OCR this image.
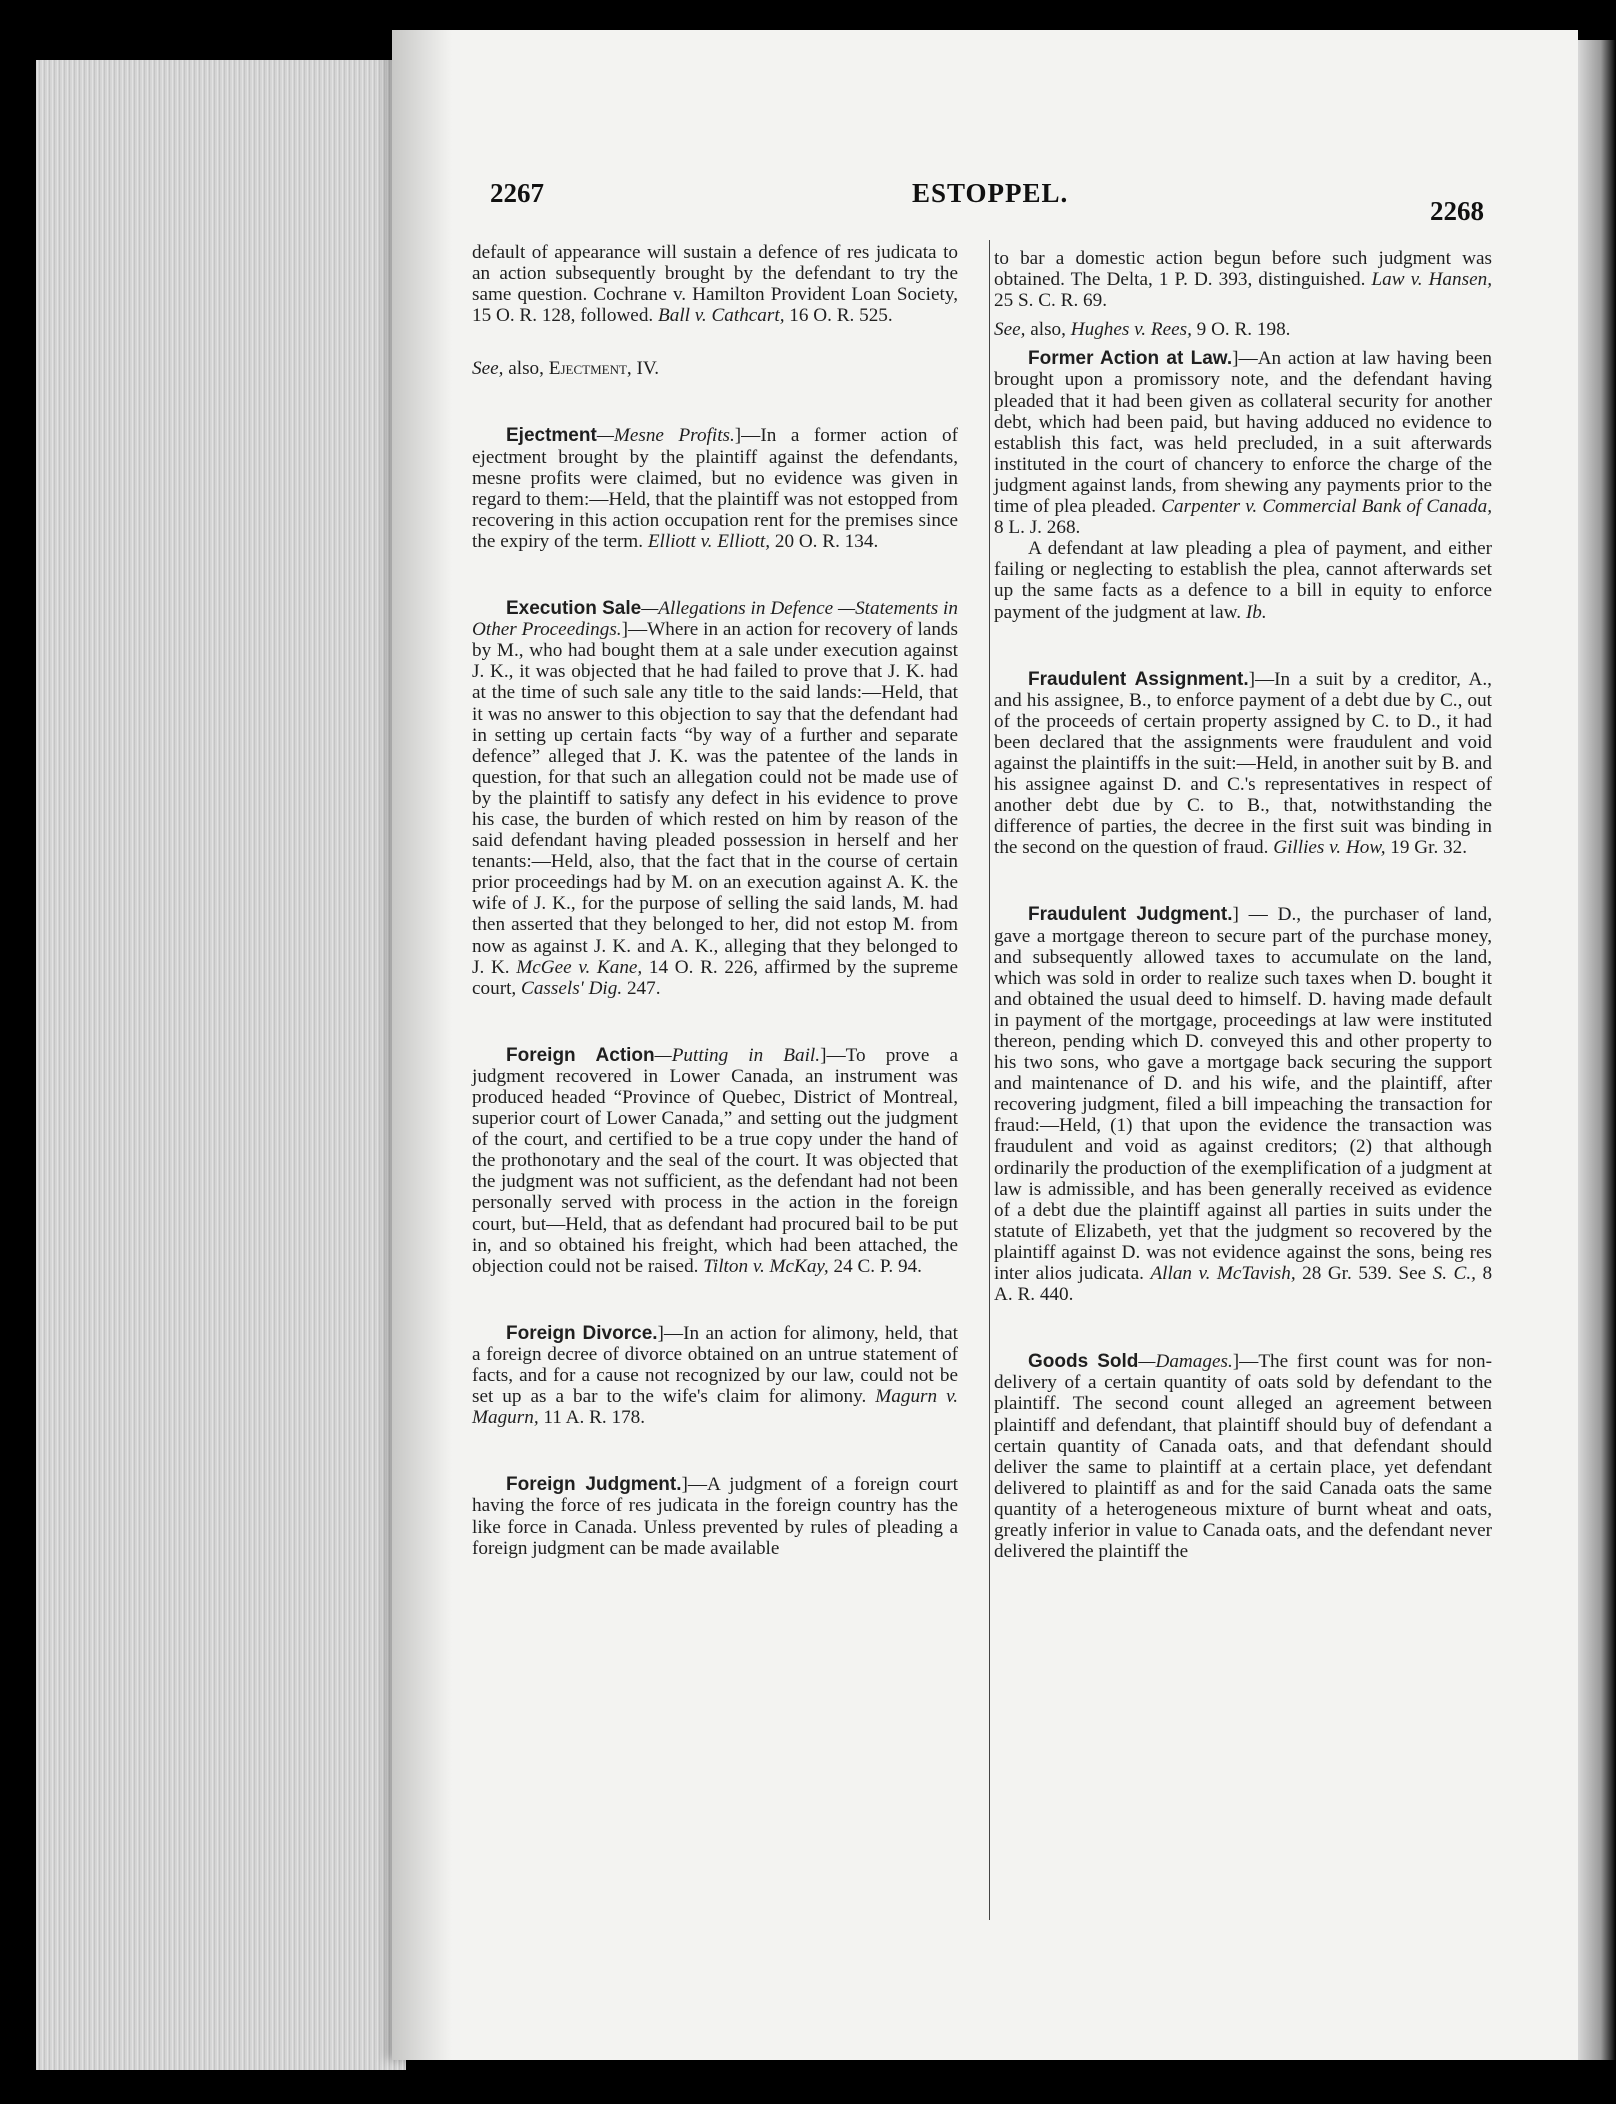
2267	ESTOPPEL.
2268

default of appearance will sustain a defence of res judicata to an action subsequently brought by the defendant to try the same question. Cochrane v. Hamilton Provident Loan Society, 15 O. R. 128, followed. Ball v. Cathcart, 16 O. R. 525.

See, also, Ejectment, IV.

Ejectment—Mesne Profits.]—In a former action of ejectment brought by the plaintiff against the defendants, mesne profits were claimed, but no evidence was given in regard to them:—Held, that the plaintiff was not estopped from recovering in this action occupation rent for the premises since the expiry of the term. Elliott v. Elliott, 20 O. R. 134.

Execution Sale—Allegations in Defence —Statements in Other Proceedings.]—Where in an action for recovery of lands by M., who had bought them at a sale under execution against J. K., it was objected that he had failed to prove that J. K. had at the time of such sale any title to the said lands:—Held, that it was no answer to this objection to say that the defendant had in setting up certain facts “by way of a further and separate defence” alleged that J. K. was the patentee of the lands in question, for that such an allegation could not be made use of by the plaintiff to satisfy any defect in his evidence to prove his case, the burden of which rested on him by reason of the said defendant having pleaded possession in herself and her tenants:—Held, also, that the fact that in the course of certain prior proceedings had by M. on an execution against A. K. the wife of J. K., for the purpose of selling the said lands, M. had then asserted that they belonged to her, did not estop M. from now as against J. K. and A. K., alleging that they belonged to J. K. McGee v. Kane, 14 O. R. 226, affirmed by the supreme court, Cassels' Dig. 247.

Foreign Action—Putting in Bail.]—To prove a judgment recovered in Lower Canada, an instrument was produced headed “Province of Quebec, District of Montreal, superior court of Lower Canada,” and setting out the judgment of the court, and certified to be a true copy under the hand of the prothonotary and the seal of the court. It was objected that the judgment was not sufficient, as the defendant had not been personally served with process in the action in the foreign court, but—Held, that as defendant had procured bail to be put in, and so obtained his freight, which had been attached, the objection could not be raised. Tilton v. McKay, 24 C. P. 94.

Foreign Divorce.]—In an action for alimony, held, that a foreign decree of divorce obtained on an untrue statement of facts, and for a cause not recognized by our law, could not be set up as a bar to the wife's claim for alimony. Magurn v. Magurn, 11 A. R. 178.

Foreign Judgment.]—A judgment of a foreign court having the force of res judicata in the foreign country has the like force in Canada. Unless prevented by rules of pleading a foreign judgment can be made available

to bar a domestic action begun before such judgment was obtained. The Delta, 1 P. D. 393, distinguished. Law v. Hansen, 25 S. C. R. 69.

See, also, Hughes v. Rees, 9 O. R. 198.

Former Action at Law.]—An action at law having been brought upon a promissory note, and the defendant having pleaded that it had been given as collateral security for another debt, which had been paid, but having adduced no evidence to establish this fact, was held precluded, in a suit afterwards instituted in the court of chancery to enforce the charge of the judgment against lands, from shewing any payments prior to the time of plea pleaded. Carpenter v. Commercial Bank of Canada, 8 L. J. 268.

A defendant at law pleading a plea of payment, and either failing or neglecting to establish the plea, cannot afterwards set up the same facts as a defence to a bill in equity to enforce payment of the judgment at law. Ib.

Fraudulent Assignment.]—In a suit by a creditor, A., and his assignee, B., to enforce payment of a debt due by C., out of the proceeds of certain property assigned by C. to D., it had been declared that the assignments were fraudulent and void against the plaintiffs in the suit:—Held, in another suit by B. and his assignee against D. and C.'s representatives in respect of another debt due by C. to B., that, notwithstanding the difference of parties, the decree in the first suit was binding in the second on the question of fraud. Gillies v. How, 19 Gr. 32.

Fraudulent Judgment.] — D., the purchaser of land, gave a mortgage thereon to secure part of the purchase money, and subsequently allowed taxes to accumulate on the land, which was sold in order to realize such taxes when D. bought it and obtained the usual deed to himself. D. having made default in payment of the mortgage, proceedings at law were instituted thereon, pending which D. conveyed this and other property to his two sons, who gave a mortgage back securing the support and maintenance of D. and his wife, and the plaintiff, after recovering judgment, filed a bill impeaching the transaction for fraud:—Held, (1) that upon the evidence the transaction was fraudulent and void as against creditors; (2) that although ordinarily the production of the exemplification of a judgment at law is admissible, and has been generally received as evidence of a debt due the plaintiff against all parties in suits under the statute of Elizabeth, yet that the judgment so recovered by the plaintiff against D. was not evidence against the sons, being res inter alios judicata. Allan v. McTavish, 28 Gr. 539. See S. C., 8 A. R. 440.

Goods Sold—Damages.]—The first count was for non-delivery of a certain quantity of oats sold by defendant to the plaintiff. The second count alleged an agreement between plaintiff and defendant, that plaintiff should buy of defendant a certain quantity of Canada oats, and that defendant should deliver the same to plaintiff at a certain place, yet defendant delivered to plaintiff as and for the said Canada oats the same quantity of a heterogeneous mixture of burnt wheat and oats, greatly inferior in value to Canada oats, and the defendant never delivered the plaintiff the
